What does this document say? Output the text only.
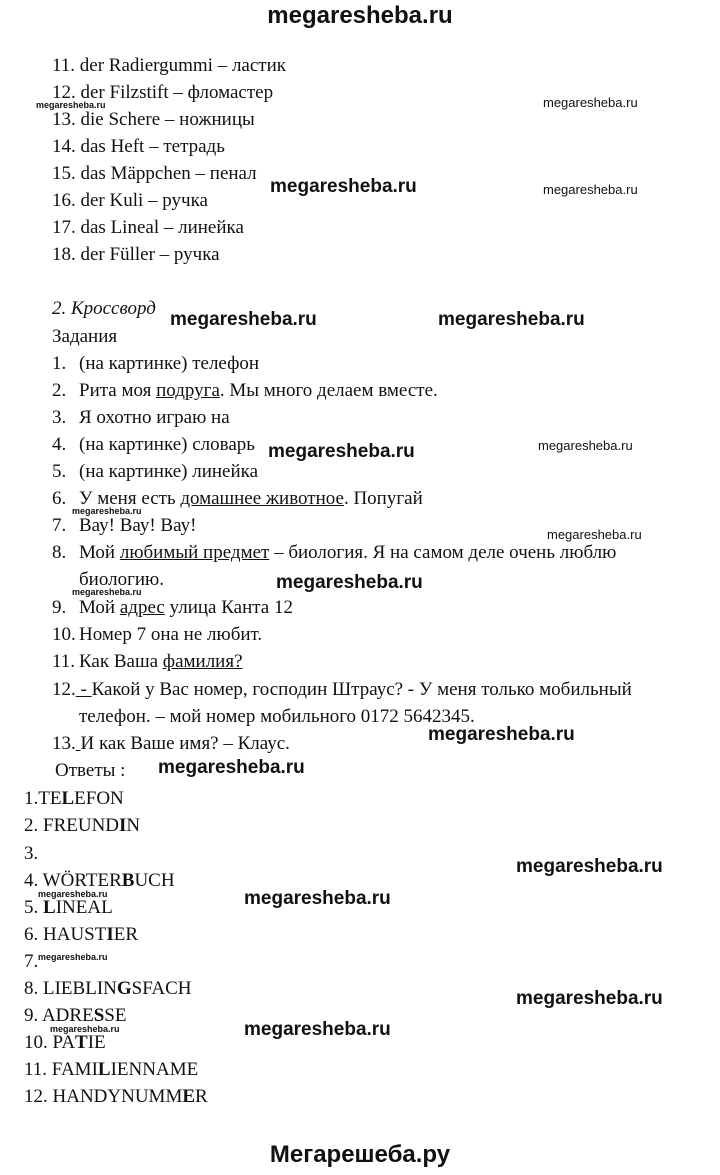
megaresheba.ru
11. der Radiergummi – ластик
12. der Filzstift – фломастер
13. die Schere – ножницы
14. das Heft – тетрадь
15. das Mäppchen – пенал
16. der Kuli – ручка
17. das Lineal – линейка
18. der Füller – ручка
2. Кроссворд
Задания
1. (на картинке) телефон
2. Рита моя подруга. Мы много делаем вместе.
3. Я охотно играю на
4. (на картинке) словарь
5. (на картинке) линейка
6. У меня есть домашнее животное. Попугай
7. Вау! Вау! Вау!
8. Мой любимый предмет – биология. Я на самом деле очень люблю
биологию.
9. Мой адрес улица Канта 12
10. Номер 7 она не любит.
11. Как Ваша фамилия?
12. - Какой у Вас номер, господин Штраус? - У меня только мобильный
телефон. – мой номер мобильного 0172 5642345.
13. И как Ваше имя? – Клаус.
Ответы :
1.TELEFON
2. FREUNDIN
3.
4. WÖRTERBUCH
5. LINEAL
6. HAUSTIER
7.
8. LIEBLINGSFACH
9. ADRESSE
10. PATIE
11. FAMILIENNAME
12. HANDYNUMMER
megaresheba.ru	megaresheba.ru
megaresheba.ru	megaresheba.ru
megaresheba.ru	megaresheba.ru
megaresheba.ru	megaresheba.ru
megaresheba.ru
megaresheba.ru
megaresheba.ru
megaresheba.ru
megaresheba.ru
megaresheba.ru
megaresheba.ru
megaresheba.ru	megaresheba.ru
megaresheba.ru
megaresheba.ru
megaresheba.ru
megaresheba.ru
Мегарешеба.ру
